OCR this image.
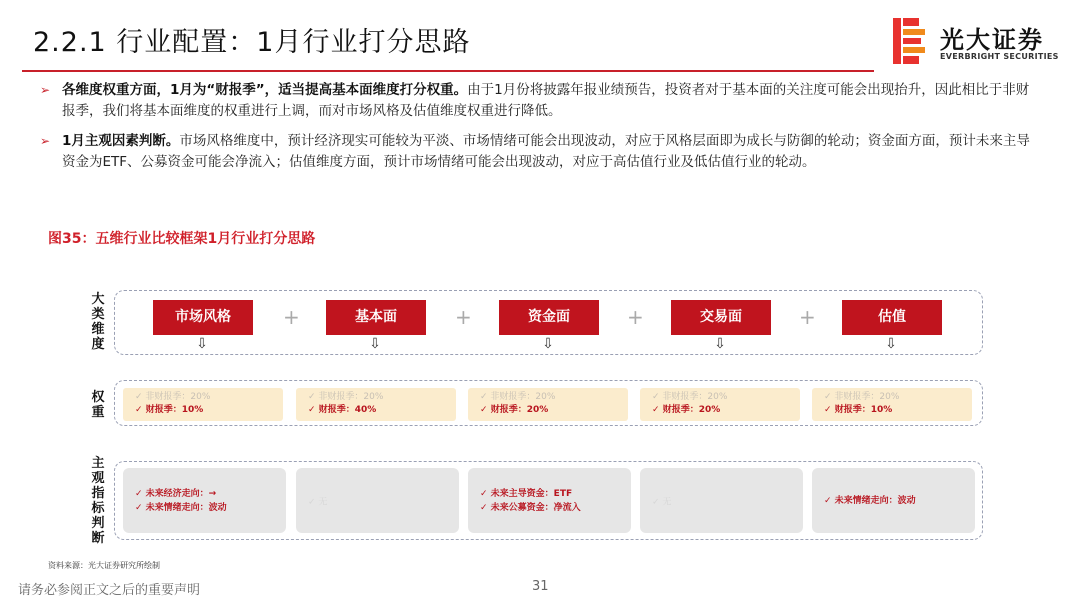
2.2.1 行业配置：1月行业打分思路	光大证券
EVERBRIGHT SECURITIES
➢ 各维度权重方面，1月为“财报季”，适当提高基本面维度打分权重。由于1月份将披露年报业绩预告，投资者对于基本面的关注度可能会出现抬升，因此相比于非财报季，我们将基本面维度的权重进行上调，而对市场风格及估值维度权重进行降低。
➢ 1月主观因素判断。市场风格维度中，预计经济现实可能较为平淡、市场情绪可能会出现波动，对应于风格层面即为成长与防御的轮动；资金面方面，预计未来主导资金为ETF、公募资金可能会净流入；估值维度方面，预计市场情绪可能会出现波动，对应于高估值行业及低估值行业的轮动。
图35：五维行业比较框架1月行业打分思路
大
类
维
度
权
重
主
观
指
标
判
断
市场风格	基本面	资金面	交易面	估值
+	+	+	+
⇩	⇩	⇩	⇩	⇩
✓ 非财报季：20%
✓ 财报季：10%
✓ 非财报季：20%
✓ 财报季：40%
✓ 非财报季：20%
✓ 财报季：20%
✓ 非财报季：20%
✓ 财报季：20%
✓ 非财报季：20%
✓ 财报季：10%
✓ 未来经济走向：→
✓ 未来情绪走向：波动
✓ 无
✓ 未来主导资金：ETF
✓ 未来公募资金：净流入
✓ 无	✓ 未来情绪走向：波动
资料来源：光大证券研究所绘制
请务必参阅正文之后的重要声明	31
